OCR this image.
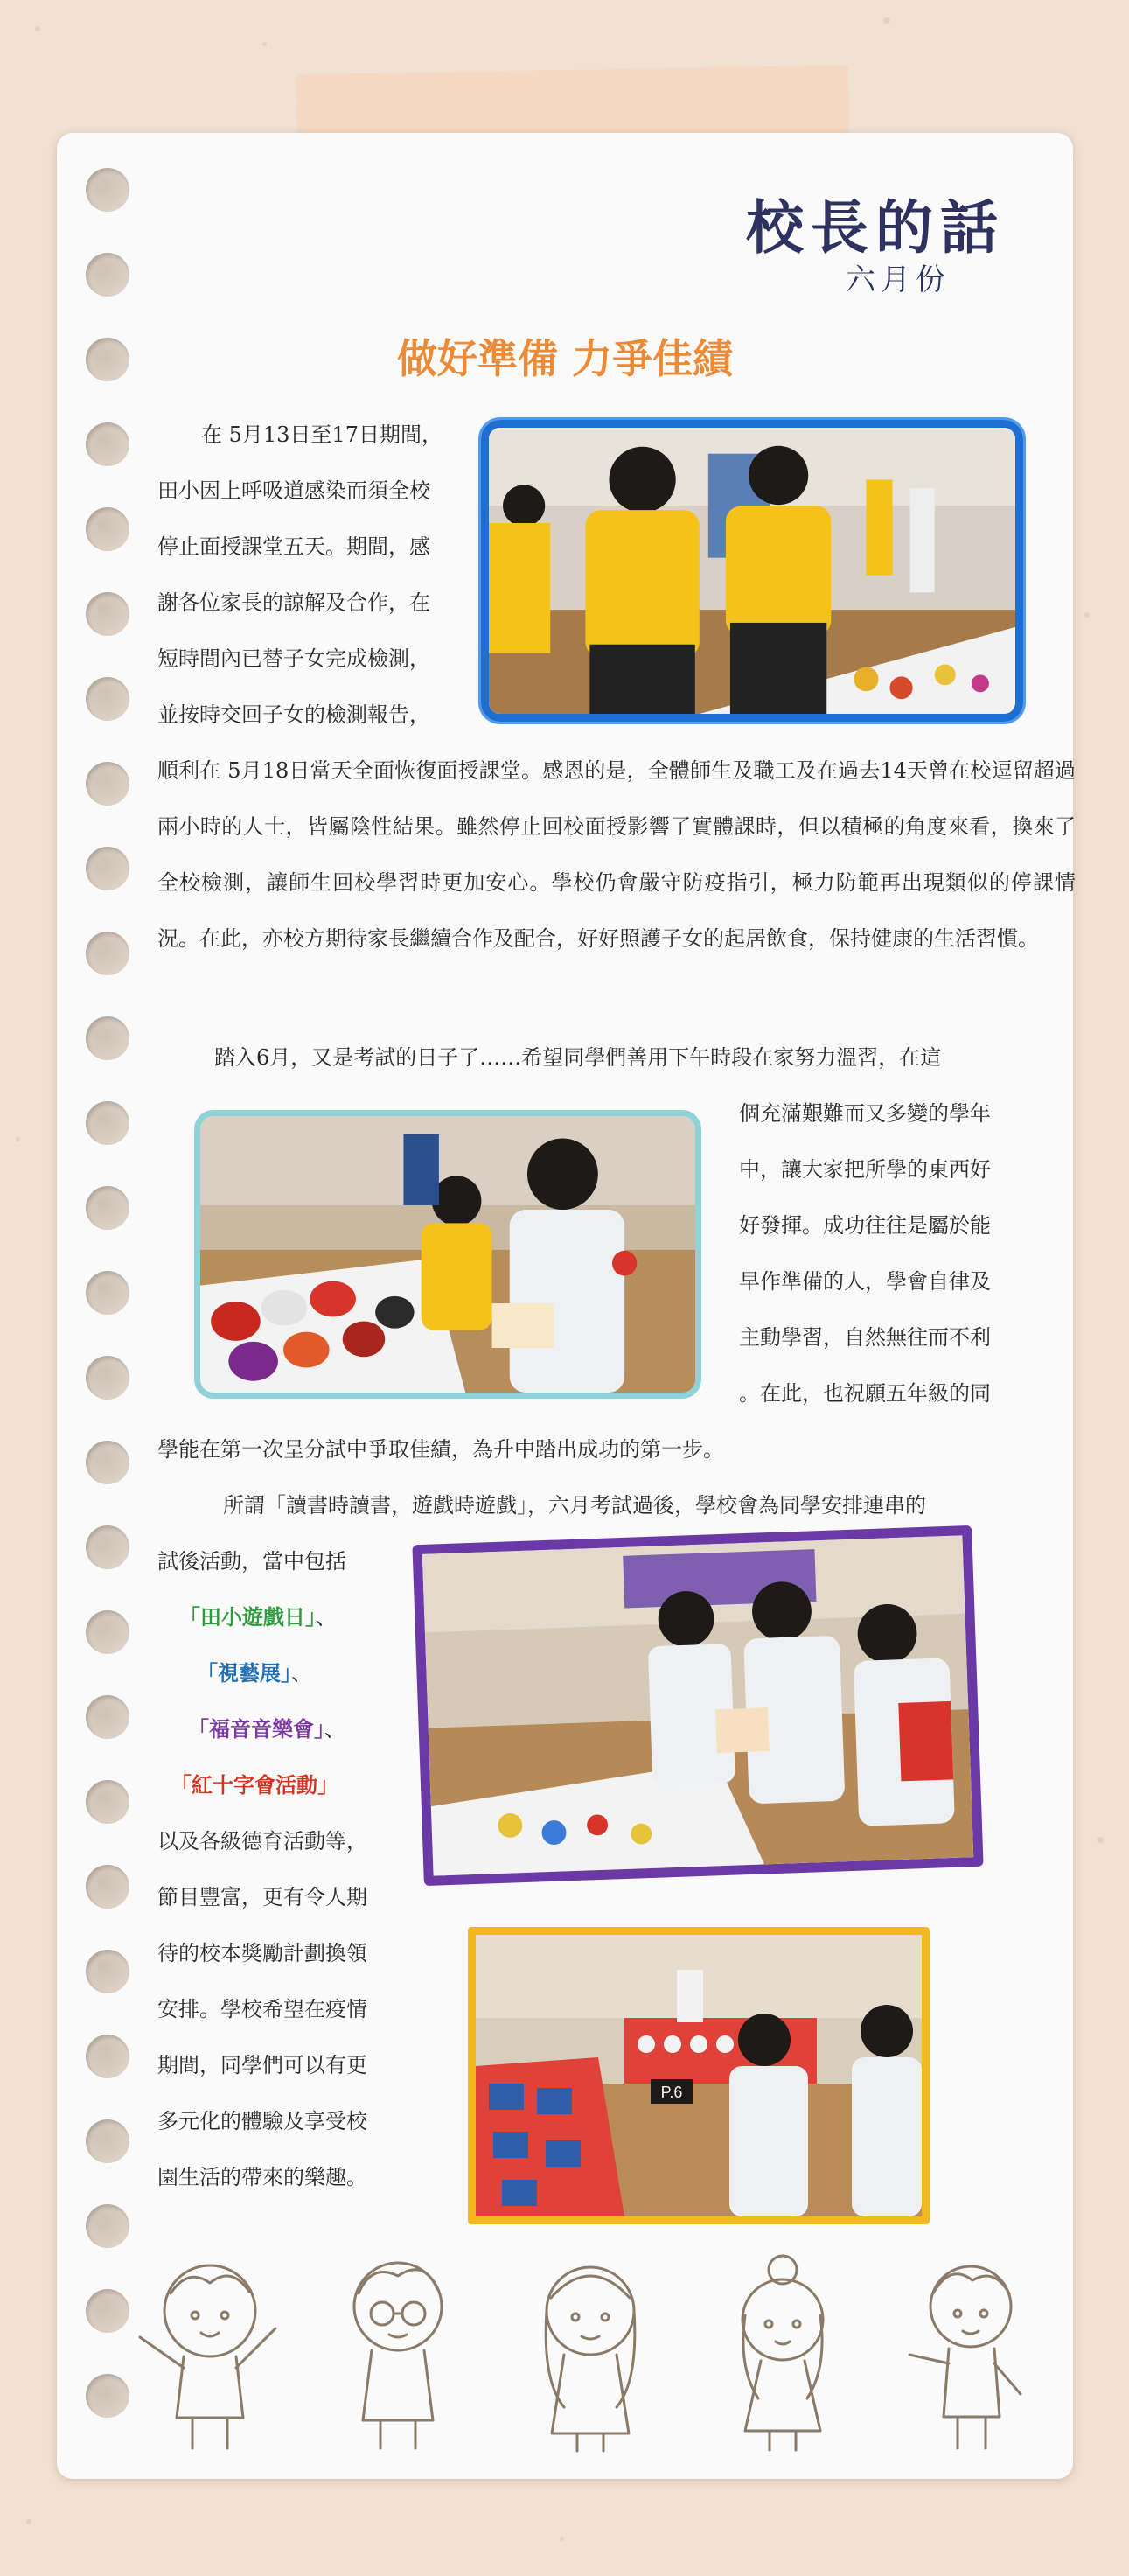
校長的話

六月份

做好準備 力爭佳績

在 5月13日至17日期間，

田小因上呼吸道感染而須全校

停止面授課堂五天。期間，感

謝各位家長的諒解及合作，在

短時間內已替子女完成檢測，

並按時交回子女的檢測報告，

順利在 5月18日當天全面恢復面授課堂。感恩的是，全體師生及職工及在過去14天曾在校逗留超過兩小時的人士，皆屬陰性結果。雖然停止回校面授影響了實體課時，但以積極的角度來看，換來了全校檢測，讓師生回校學習時更加安心。學校仍會嚴守防疫指引，極力防範再出現類似的停課情況。在此，亦校方期待家長繼續合作及配合，好好照護子女的起居飲食，保持健康的生活習慣。

踏入6月，又是考試的日子了……希望同學們善用下午時段在家努力溫習，在這

個充滿艱難而又多變的學年

中，讓大家把所學的東西好

好發揮。成功往往是屬於能

早作準備的人，學會自律及

主動學習，自然無往而不利

。在此，也祝願五年級的同

學能在第一次呈分試中爭取佳績，為升中踏出成功的第一步。

所謂「讀書時讀書，遊戲時遊戲」，六月考試過後，學校會為同學安排連串的

試後活動，當中包括

「田小遊戲日」、

「視藝展」、

「福音音樂會」、

「紅十字會活動」

以及各級德育活動等，

節目豐富，更有令人期

待的校本獎勵計劃換領

安排。學校希望在疫情

期間，同學們可以有更

多元化的體驗及享受校

園生活的帶來的樂趣。

P.6
